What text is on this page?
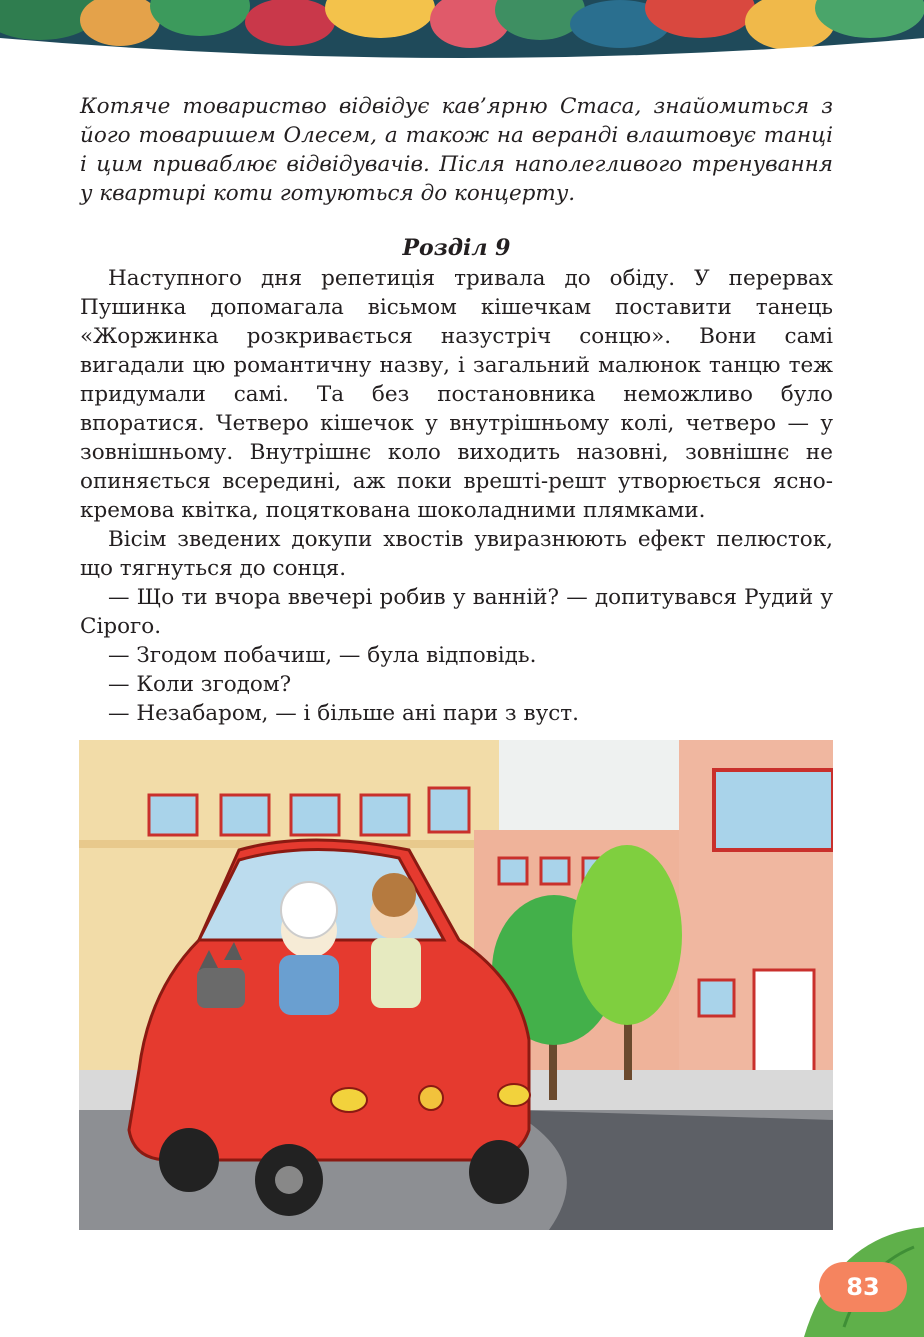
Котяче товариство відвідує кав’ярню Стаса, знайомиться з його товаришем Олесем, а також на веранді влаштовує танці і цим приваблює відвідувачів. Після наполегливого тренування у квартирі коти готуються до концерту.

Розділ 9

Наступного дня репетиція тривала до обіду. У перервах Пушинка допомагала вісьмом кішечкам поставити танець «Жоржинка розкривається назустріч сонцю». Вони самі вигадали цю романтичну назву, і загальний малюнок танцю теж придумали самі. Та без постановника неможливо було впоратися. Четверо кішечок у внутрішньому колі, четверо — у зовнішньому. Внутрішнє коло виходить назовні, зовнішнє не опиняється всередині, аж поки врешті-решт утворюється ясно-кремова квітка, поцяткована шоколадними плямками.

Вісім зведених докупи хвостів увиразнюють ефект пелюсток, що тягнуться до сонця.

— Що ти вчора ввечері робив у ванній? — допитувався Рудий у Сірого.

— Згодом побачиш, — була відповідь.

— Коли згодом?

— Незабаром, — і більше ані пари з вуст.

83
